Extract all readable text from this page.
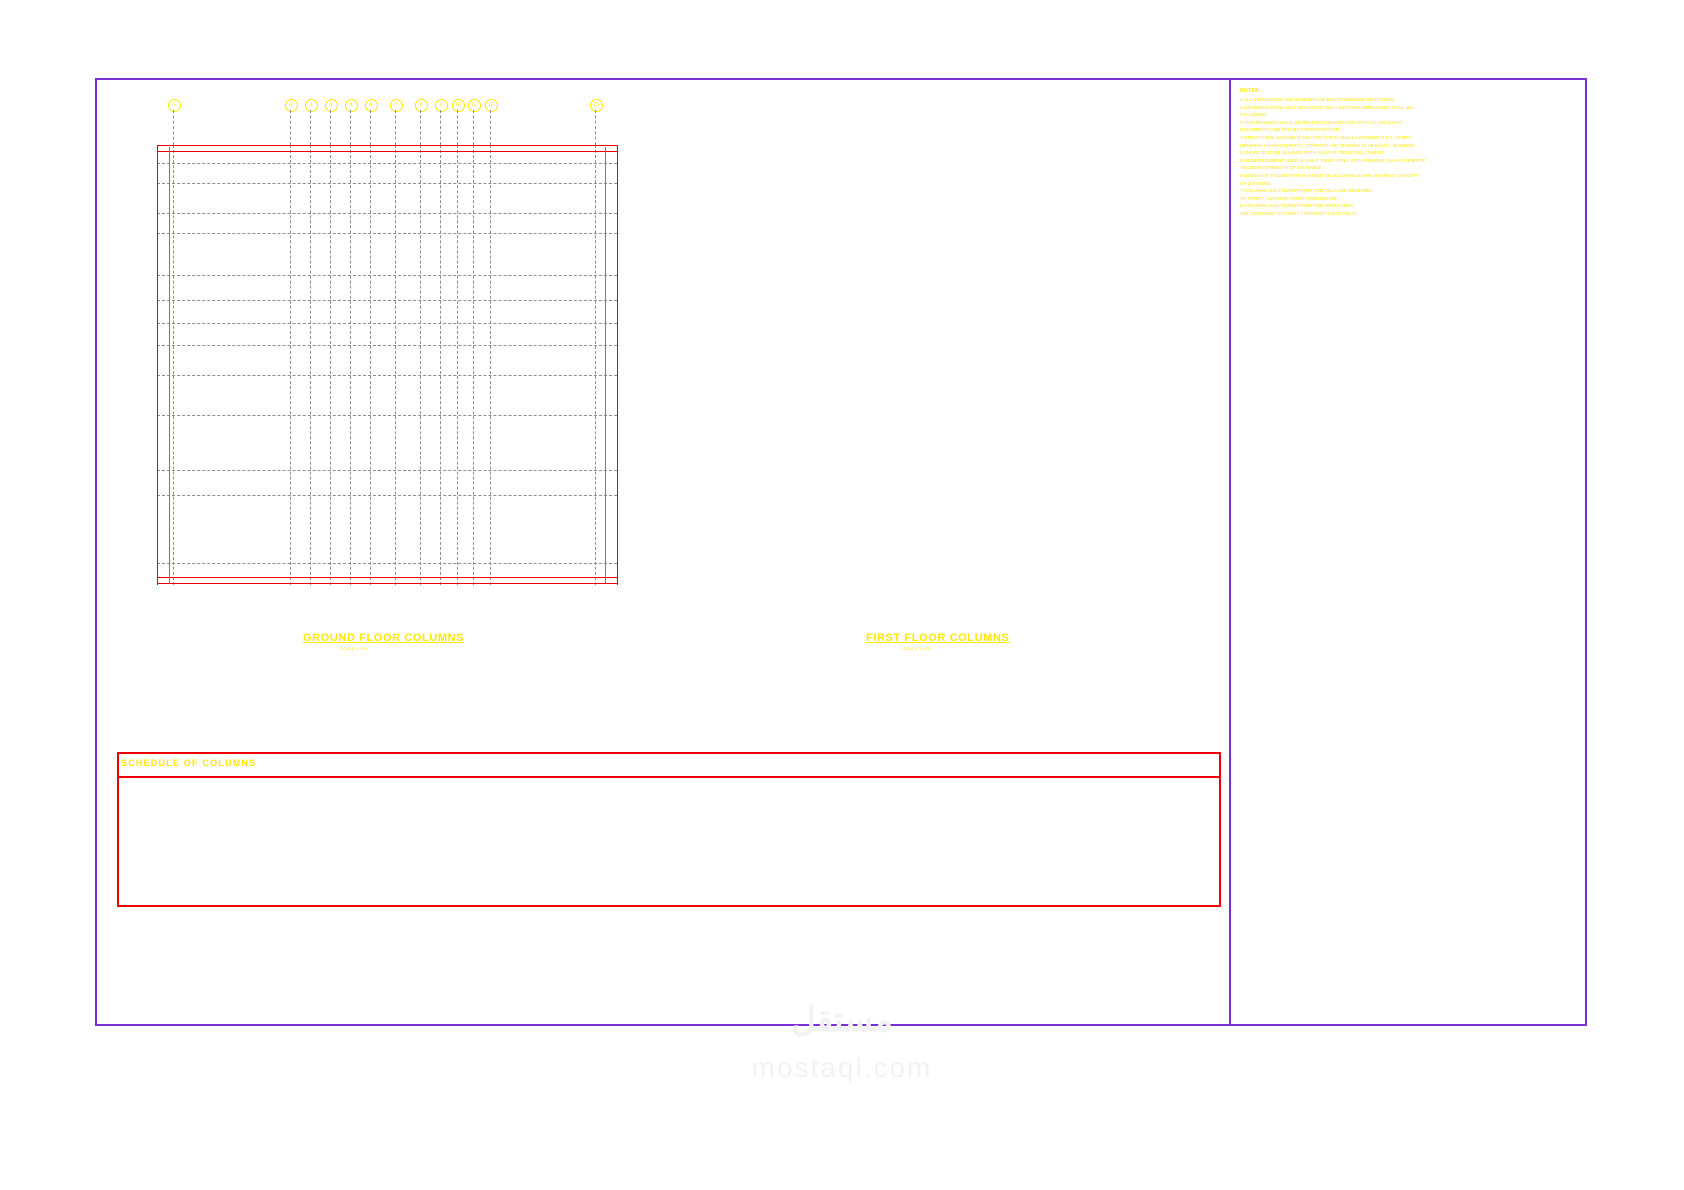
NOTES:
1-ALL DIMENSIONS ARE IN METER UNLESS OTHERWISE MENTIONED.
2-DRAWINGS SHALL NOT BE SCALED ,ONLY WRITTEN DIMENSIONS SHALL BE
FOLLOWED.
3-THIS DRAWING SHALL BE READ IN CONJUNCTION WITH ALL RELEVANT
DOCUMENTS AND PROJECT SPECIFICATION.
4-STRUCTURAL CONCRETE MIX FOR (O.P.C) SHALL CONSIDER G.F.C. 30 MPA
(MINIMUM CHARACTERISTIC STRENGTH OF 30 N/MM2 AT 28 DAYS ) , BLINDING
CONCRETE TO BE 15 N/MM2 WITH SULFATE RESISTING CEMENT.
5-REINFORCEMENT USED IS HIGHT YIELD STEEL WITH MINIMUM CHARACTERISTIC
YIELDING STRENGTH OF 420 N/MM2.
6-DESIGN OF FOUNDATION IS BASED ON ALLOWABLE SAFE BEARING CAPACITY
OF 200 KN/M2.
7-COLUMNS AND FOUNDATIONS FOR VILLA ARE DESIGNED
TO CARRY ( GROUND +FIRST+PENTHOUSE).
8-COLUMNS AND FOUNDATIONS FOR ANNEX AREA
ARE DESIGNED TO CARRY ( GROUND FLOOR ONLY).
1	2	3	4	5	6	7	8	9	10	11	12	13
GROUND FLOOR COLUMNS
SCALE 1:100
FIRST FLOOR COLUMNS
SCALE 1:100
SCHEDULE OF COLUMNS
مستقل
mostaql.com
